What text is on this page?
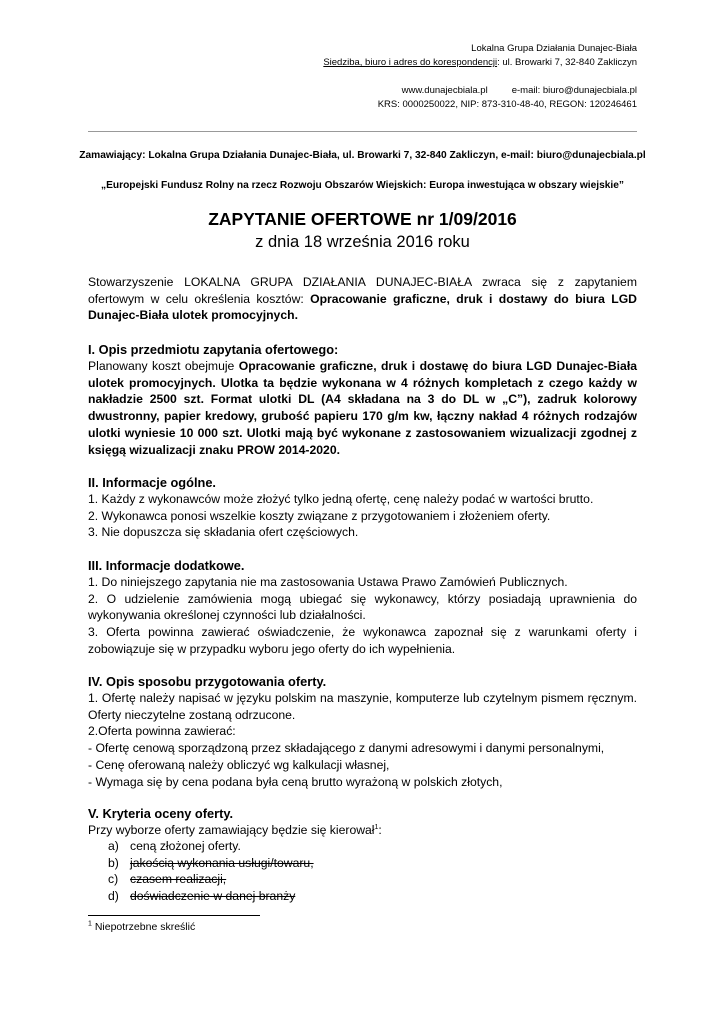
Lokalna Grupa Działania Dunajec-Biała
Siedziba, biuro i adres do korespondencji: ul. Browarki 7, 32-840 Zakliczyn
www.dunajecbiala.pl	e-mail: biuro@dunajecbiala.pl
KRS: 0000250022, NIP: 873-310-48-40, REGON: 120246461
Zamawiający: Lokalna Grupa Działania Dunajec-Biała, ul. Browarki 7, 32-840 Zakliczyn, e-mail: biuro@dunajecbiala.pl
„Europejski Fundusz Rolny na rzecz Rozwoju Obszarów Wiejskich: Europa inwestująca w obszary wiejskie”
ZAPYTANIE OFERTOWE nr 1/09/2016
z dnia 18 września 2016 roku
Stowarzyszenie LOKALNA GRUPA DZIAŁANIA DUNAJEC-BIAŁA zwraca się z zapytaniem ofertowym w celu określenia kosztów: Opracowanie graficzne, druk i dostawy do biura LGD Dunajec-Biała ulotek promocyjnych.
I. Opis przedmiotu zapytania ofertowego:

Planowany koszt obejmuje Opracowanie graficzne, druk i dostawę do biura LGD Dunajec-Biała ulotek promocyjnych. Ulotka ta będzie wykonana w 4 różnych kompletach z czego każdy w nakładzie 2500 szt. Format ulotki DL (A4 składana na 3 do DL w „C”), zadruk kolorowy dwustronny, papier kredowy, grubość papieru 170 g/m kw, łączny nakład 4 różnych rodzajów ulotki wyniesie 10 000 szt. Ulotki mają być wykonane z zastosowaniem wizualizacji zgodnej z księgą wizualizacji znaku PROW 2014-2020.

II. Informacje ogólne.

1. Każdy z wykonawców może złożyć tylko jedną ofertę, cenę należy podać w wartości brutto.

2. Wykonawca ponosi wszelkie koszty związane z przygotowaniem i złożeniem oferty.

3. Nie dopuszcza się składania ofert częściowych.

III. Informacje dodatkowe.

1. Do niniejszego zapytania nie ma zastosowania Ustawa Prawo Zamówień Publicznych.

2. O udzielenie zamówienia mogą ubiegać się wykonawcy, którzy posiadają uprawnienia do wykonywania określonej czynności lub działalności.

3. Oferta powinna zawierać oświadczenie, że wykonawca zapoznał się z warunkami oferty i zobowiązuje się w przypadku wyboru jego oferty do ich wypełnienia.

IV. Opis sposobu przygotowania oferty.

1. Ofertę należy napisać w języku polskim na maszynie, komputerze lub czytelnym pismem ręcznym. Oferty nieczytelne zostaną odrzucone.

2.Oferta powinna zawierać:

- Ofertę cenową sporządzoną przez składającego z danymi adresowymi i danymi personalnymi,

- Cenę oferowaną należy obliczyć wg kalkulacji własnej,

- Wymaga się by cena podana była ceną brutto wyrażoną w polskich złotych,

V. Kryteria oceny oferty.

Przy wyborze oferty zamawiający będzie się kierował$^1$:

a) ceną złożonej oferty.
b) jakością wykonania usługi/towaru,
c) czasem realizacji,
d) doświadczenie w danej branży
$^1$ Niepotrzebne skreślić
